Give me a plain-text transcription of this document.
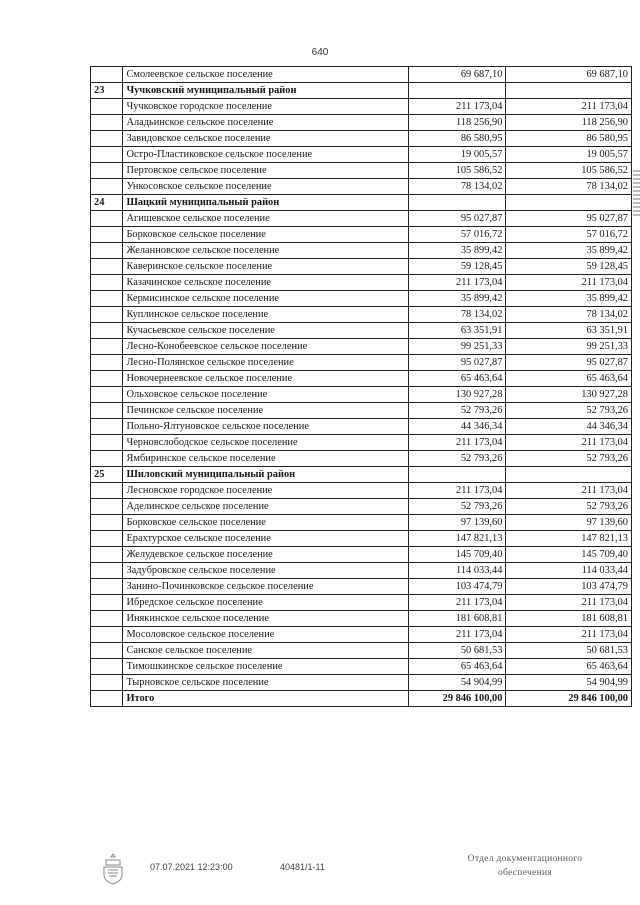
640
	Смолеевское сельское поселение	69 687,10	69 687,10
23	Чучковский муниципальный район		
	Чучковское городское поселение	211 173,04	211 173,04
	Аладьинское сельское поселение	118 256,90	118 256,90
	Завидовское сельское поселение	86 580,95	86 580,95
	Остро-Пластиковское сельское поселение	19 005,57	19 005,57
	Пертовское сельское поселение	105 586,52	105 586,52
	Ункосовское сельское поселение	78 134,02	78 134,02
24	Шацкий муниципальный район		
	Агишевское сельское поселение	95 027,87	95 027,87
	Борковское сельское поселение	57 016,72	57 016,72
	Желанновское сельское поселение	35 899,42	35 899,42
	Каверинское сельское поселение	59 128,45	59 128,45
	Казачинское сельское поселение	211 173,04	211 173,04
	Кермисинское сельское поселение	35 899,42	35 899,42
	Куплинское сельское поселение	78 134,02	78 134,02
	Кучасьевское сельское поселение	63 351,91	63 351,91
	Лесно-Конобеевское сельское поселение	99 251,33	99 251,33
	Лесно-Полянское сельское поселение	95 027,87	95 027,87
	Новочернеевское сельское поселение	65 463,64	65 463,64
	Ольховское сельское поселение	130 927,28	130 927,28
	Печинское сельское поселение	52 793,26	52 793,26
	Польно-Ялтуновское сельское поселение	44 346,34	44 346,34
	Черновслободское сельское поселение	211 173,04	211 173,04
	Ямбиринское сельское поселение	52 793,26	52 793,26
25	Шиловский муниципальный район		
	Лесновское городское поселение	211 173,04	211 173,04
	Аделинское сельское поселение	52 793,26	52 793,26
	Борковское сельское поселение	97 139,60	97 139,60
	Ерахтурское сельское поселение	147 821,13	147 821,13
	Желудевское сельское поселение	145 709,40	145 709,40
	Задубровское сельское поселение	114 033,44	114 033,44
	Занино-Починковское сельское поселение	103 474,79	103 474,79
	Ибредское сельское поселение	211 173,04	211 173,04
	Инякинское сельское поселение	181 608,81	181 608,81
	Мосоловское сельское поселение	211 173,04	211 173,04
	Санское сельское поселение	50 681,53	50 681,53
	Тимошкинское сельское поселение	65 463,64	65 463,64
	Тырновское сельское поселение	54 904,99	54 904,99
	Итого	29 846 100,00	29 846 100,00
07.07.2021 12:23:00	40481/1-11
Отдел документационного
обеспечения
